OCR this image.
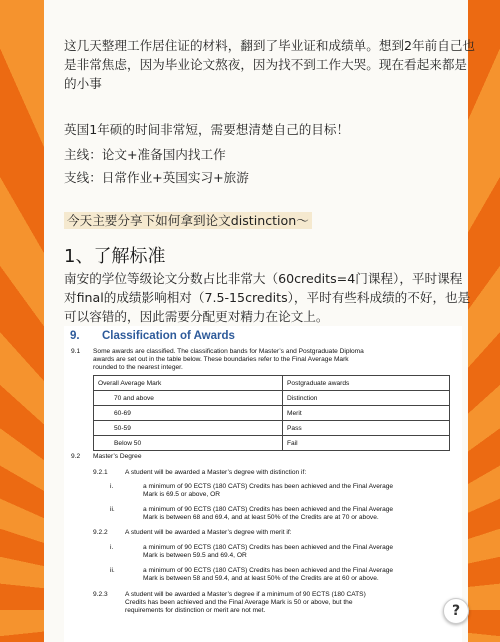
这几天整理工作居住证的材料，翻到了毕业证和成绩单。想到2年前自己也
是非常焦虑，因为毕业论文熬夜，因为找不到工作大哭。现在看起来都是
的小事
英国1年硕的时间非常短，需要想清楚自己的目标！
主线：论文+准备国内找工作
支线：日常作业+英国实习+旅游
今天主要分享下如何拿到论文distinction～
1、了解标准
南安的学位等级论文分数占比非常大（60credits=4门课程），平时课程
对final的成绩影响相对（7.5-15credits），平时有些科成绩的不好，也是
可以容错的，因此需要分配更对精力在论文上。
9. Classification of Awards
9.1 Some awards are classified. The classification bands for Master’s and Postgraduate Diploma
awards are set out in the table below. These boundaries refer to the Final Average Mark
rounded to the nearest integer.
Overall Average Mark	Postgraduate awards
70 and above	Distinction
60-69	Merit
50-59	Pass
Below 50	Fail
9.2 Master’s Degree
9.2.1	A student will be awarded a Master’s degree with distinction if:
i.	a minimum of 90 ECTS (180 CATS) Credits has been achieved and the Final Average
Mark is 69.5 or above, OR
ii.	a minimum of 90 ECTS (180 CATS) Credits has been achieved and the Final Average
Mark is between 68 and 69.4, and at least 50% of the Credits are at 70 or above.
9.2.2	A student will be awarded a Master’s degree with merit if:
i.	a minimum of 90 ECTS (180 CATS) Credits has been achieved and the Final Average
Mark is between 59.5 and 69.4, OR
ii.	a minimum of 90 ECTS (180 CATS) Credits has been achieved and the Final Average
Mark is between 58 and 59.4, and at least 50% of the Credits are at 60 or above.
9.2.3	A student will be awarded a Master’s degree if a minimum of 90 ECTS (180 CATS)
Credits has been achieved and the Final Average Mark is 50 or above, but the
requirements for distinction or merit are not met.	?
